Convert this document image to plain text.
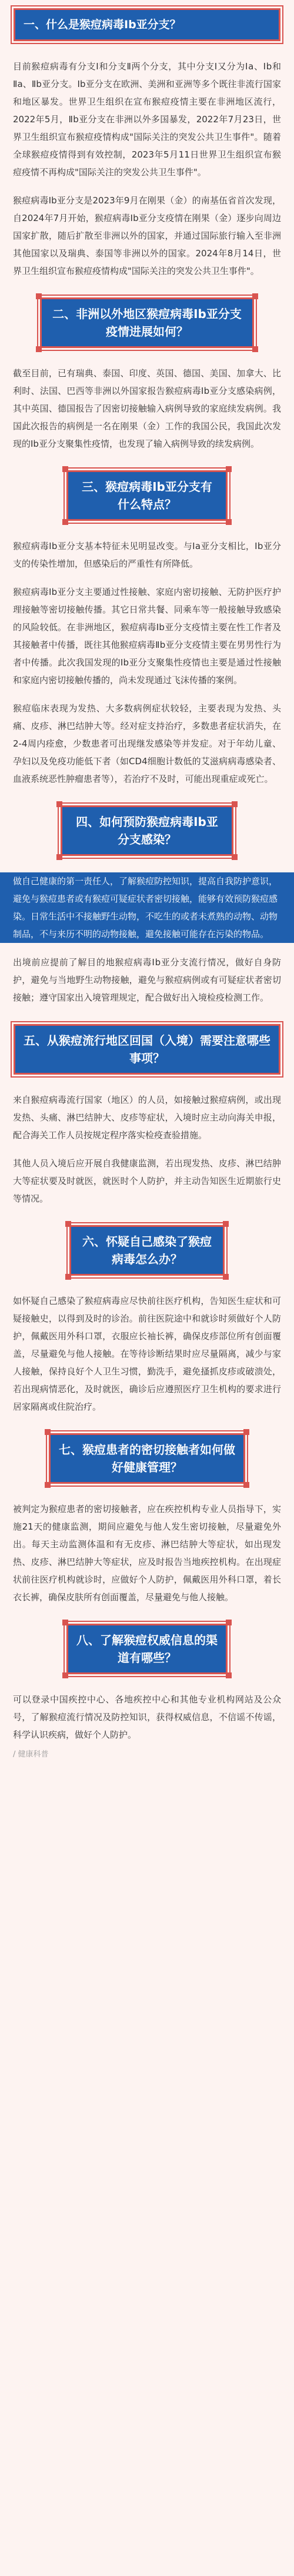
一、什么是猴痘病毒Ⅰb亚分支？

目前猴痘病毒有分支Ⅰ和分支Ⅱ两个分支，其中分支Ⅰ又分为Ⅰa、Ⅰb和Ⅱa、Ⅱb亚分支。Ⅰb亚分支在欧洲、美洲和亚洲等多个既往非流行国家和地区暴发。世界卫生组织在宣布猴痘疫情主要在非洲地区流行，2022年5月，Ⅱb亚分支在非洲以外多国暴发，2022年7月23日，世界卫生组织宣布猴痘疫情构成"国际关注的突发公共卫生事件"。随着全球猴痘疫情得到有效控制，2023年5月11日世界卫生组织宣布猴痘疫情不再构成"国际关注的突发公共卫生事件"。

猴痘病毒Ⅰb亚分支是2023年9月在刚果（金）的南基伍省首次发现，自2024年7月开始，猴痘病毒Ⅰb亚分支疫情在刚果（金）逐步向周边国家扩散，随后扩散至非洲以外的国家，并通过国际旅行输入至非洲其他国家以及瑞典、泰国等非洲以外的国家。2024年8月14日，世界卫生组织宣布猴痘疫情构成"国际关注的突发公共卫生事件"。

二、非洲以外地区猴痘病毒Ⅰb亚分支疫情进展如何？

截至目前，已有瑞典、泰国、印度、英国、德国、美国、加拿大、比利时、法国、巴西等非洲以外国家报告猴痘病毒Ⅰb亚分支感染病例，其中英国、德国报告了因密切接触输入病例导致的家庭续发病例。我国此次报告的病例是一名在刚果（金）工作的我国公民，我国此次发现的Ⅰb亚分支聚集性疫情，也发现了输入病例导致的续发病例。

三、猴痘病毒Ⅰb亚分支有什么特点？

猴痘病毒Ⅰb亚分支基本特征未见明显改变。与Ⅰa亚分支相比，Ⅰb亚分支的传染性增加，但感染后的严重性有所降低。

猴痘病毒Ⅰb亚分支主要通过性接触、家庭内密切接触、无防护医疗护理接触等密切接触传播。其它日常共餐、同乘车等一般接触导致感染的风险较低。在非洲地区，猴痘病毒Ⅰb亚分支疫情主要在性工作者及其接触者中传播，既往其他猴痘病毒Ⅱb亚分支疫情主要在男男性行为者中传播。此次我国发现的Ⅰb亚分支聚集性疫情也主要是通过性接触和家庭内密切接触传播的，尚未发现通过飞沫传播的案例。

猴痘临床表现为发热、大多数病例症状较轻，主要表现为发热、头痛、皮疹、淋巴结肿大等。经对症支持治疗，多数患者症状消失，在2-4周内痊愈，少数患者可出现继发感染等并发症。对于年幼儿童、孕妇以及免疫功能低下者（如CD4细胞计数低的艾滋病病毒感染者、血液系统恶性肿瘤患者等），若治疗不及时，可能出现重症或死亡。

四、如何预防猴痘病毒Ⅰb亚分支感染？

做自己健康的第一责任人，了解猴痘防控知识，提高自我防护意识，避免与猴痘患者或有猴痘可疑症状者密切接触，能够有效预防猴痘感染。日常生活中不接触野生动物，不吃生的或者未煮熟的动物、动物制品，不与来历不明的动物接触，避免接触可能存在污染的物品。

出境前应提前了解目的地猴痘病毒Ⅰb亚分支流行情况，做好自身防护，避免与当地野生动物接触，避免与猴痘病例或有可疑症状者密切接触；遵守国家出入境管理规定，配合做好出入境检疫检测工作。

五、从猴痘流行地区回国（入境）需要注意哪些事项？

来自猴痘病毒流行国家（地区）的人员，如接触过猴痘病例，或出现发热、头痛、淋巴结肿大、皮疹等症状，入境时应主动向海关申报，配合海关工作人员按规定程序落实检疫查验措施。

其他人员入境后应开展自我健康监测，若出现发热、皮疹、淋巴结肿大等症状要及时就医，就医时个人防护，并主动告知医生近期旅行史等情况。

六、怀疑自己感染了猴痘病毒怎么办？

如怀疑自己感染了猴痘病毒应尽快前往医疗机构，告知医生症状和可疑接触史，以得到及时的诊治。前往医院途中和就诊时须做好个人防护，佩戴医用外科口罩，衣服应长袖长裤，确保皮疹部位所有创面覆盖，尽量避免与他人接触。在等待诊断结果时应尽量隔离，减少与家人接触，保持良好个人卫生习惯，勤洗手，避免搔抓皮疹或破溃处，若出现病情恶化，及时就医，确诊后应遵照医疗卫生机构的要求进行居家隔离或住院治疗。

七、猴痘患者的密切接触者如何做好健康管理？

被判定为猴痘患者的密切接触者，应在疾控机构专业人员指导下，实施21天的健康监测，期间应避免与他人发生密切接触，尽量避免外出。每天主动监测体温和有无皮疹、淋巴结肿大等症状，如出现发热、皮疹、淋巴结肿大等症状，应及时报告当地疾控机构。在出现症状前往医疗机构就诊时，应做好个人防护，佩戴医用外科口罩，着长衣长裤，确保皮肤所有创面覆盖，尽量避免与他人接触。

八、了解猴痘权威信息的渠道有哪些？

可以登录中国疾控中心、各地疾控中心和其他专业机构网站及公众号，了解猴痘流行情况及防控知识，获得权威信息，不信谣不传谣，科学认识疾病，做好个人防护。

/ 健康科普
